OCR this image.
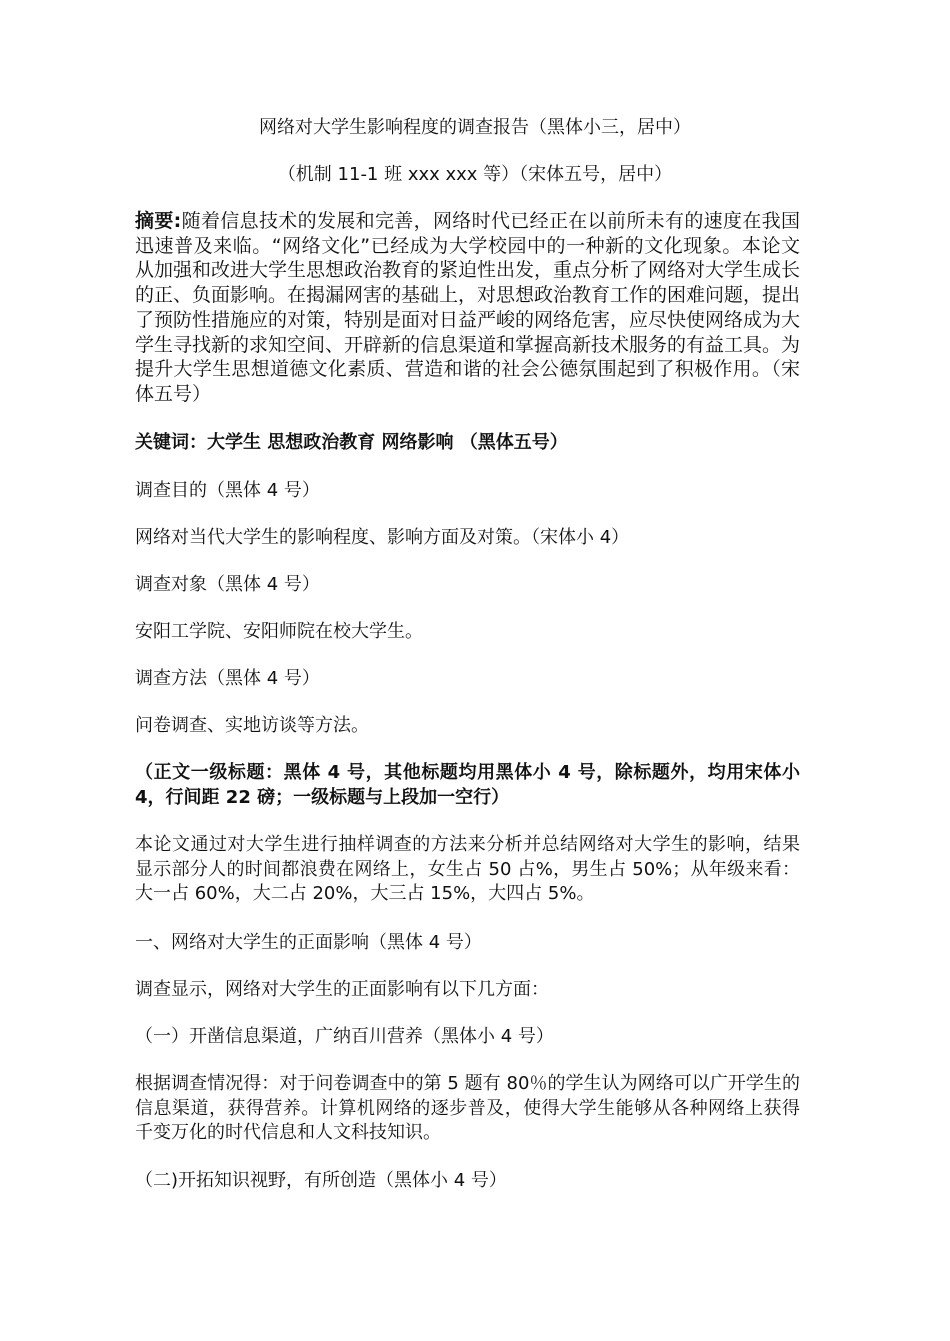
网络对大学生影响程度的调查报告（黑体小三，居中）

（机制 11-1 班 xxx xxx 等）（宋体五号，居中）

摘要:随着信息技术的发展和完善，网络时代已经正在以前所未有的速度在我国迅速普及来临。“网络文化”已经成为大学校园中的一种新的文化现象。本论文从加强和改进大学生思想政治教育的紧迫性出发，重点分析了网络对大学生成长的正、负面影响。在揭漏网害的基础上，对思想政治教育工作的困难问题，提出了预防性措施应的对策，特别是面对日益严峻的网络危害，应尽快使网络成为大学生寻找新的求知空间、开辟新的信息渠道和掌握高新技术服务的有益工具。为提升大学生思想道德文化素质、营造和谐的社会公德氛围起到了积极作用。（宋体五号）

关键词：大学生 思想政治教育 网络影响 （黑体五号）

调查目的（黑体 4 号）

网络对当代大学生的影响程度、影响方面及对策。（宋体小 4）

调查对象（黑体 4 号）

安阳工学院、安阳师院在校大学生。

调查方法（黑体 4 号）

问卷调查、实地访谈等方法。

（正文一级标题：黑体 4 号，其他标题均用黑体小 4 号，除标题外，均用宋体小 4，行间距 22 磅；一级标题与上段加一空行）

本论文通过对大学生进行抽样调查的方法来分析并总结网络对大学生的影响，结果显示部分人的时间都浪费在网络上，女生占 50 占%，男生占 50%；从年级来看：大一占 60%，大二占 20%，大三占 15%，大四占 5%。

一、网络对大学生的正面影响（黑体 4 号）

调查显示，网络对大学生的正面影响有以下几方面：

（一）开凿信息渠道，广纳百川营养（黑体小 4 号）

根据调查情况得：对于问卷调查中的第 5 题有 80％的学生认为网络可以广开学生的信息渠道，获得营养。计算机网络的逐步普及，使得大学生能够从各种网络上获得千变万化的时代信息和人文科技知识。

（二)开拓知识视野，有所创造（黑体小 4 号）
